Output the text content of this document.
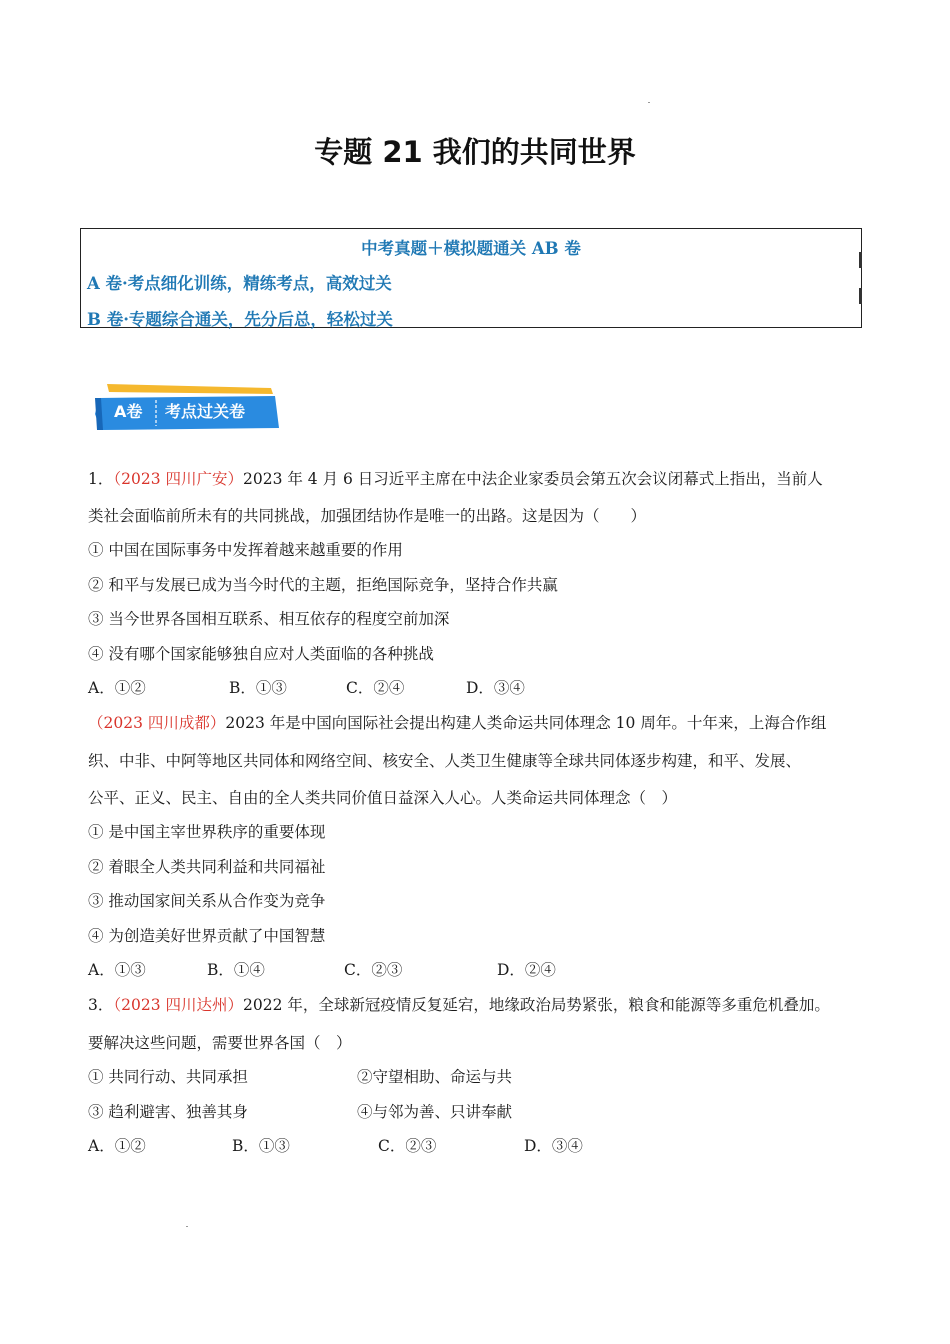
专题 21 我们的共同世界
中考真题＋模拟题通关 AB 卷
A 卷·考点细化训练，精练考点，高效过关
B 卷·专题综合通关，先分后总，轻松过关
A卷 考点过关卷
1．（2023 四川广安）2023 年 4 月 6 日习近平主席在中法企业家委员会第五次会议闭幕式上指出，当前人
类社会面临前所未有的共同挑战，加强团结协作是唯一的出路。这是因为（　　）
① 中国在国际事务中发挥着越来越重要的作用
② 和平与发展已成为当今时代的主题，拒绝国际竞争，坚持合作共赢
③ 当今世界各国相互联系、相互依存的程度空前加深
④ 没有哪个国家能够独自应对人类面临的各种挑战
A．①②	B．①③	C．②④	D．③④
（2023 四川成都）2023 年是中国向国际社会提出构建人类命运共同体理念 10 周年。十年来，上海合作组
织、中非、中阿等地区共同体和网络空间、核安全、人类卫生健康等全球共同体逐步构建，和平、发展、
公平、正义、民主、自由的全人类共同价值日益深入人心。人类命运共同体理念（　）
① 是中国主宰世界秩序的重要体现
② 着眼全人类共同利益和共同福祉
③ 推动国家间关系从合作变为竞争
④ 为创造美好世界贡献了中国智慧
A．①③	B．①④	C．②③	D．②④
3．（2023 四川达州）2022 年，全球新冠疫情反复延宕，地缘政治局势紧张，粮食和能源等多重危机叠加。
要解决这些问题，需要世界各国（　）
① 共同行动、共同承担	②守望相助、命运与共
③ 趋利避害、独善其身	④与邻为善、只讲奉献
A．①②	B．①③	C．②③	D．③④
